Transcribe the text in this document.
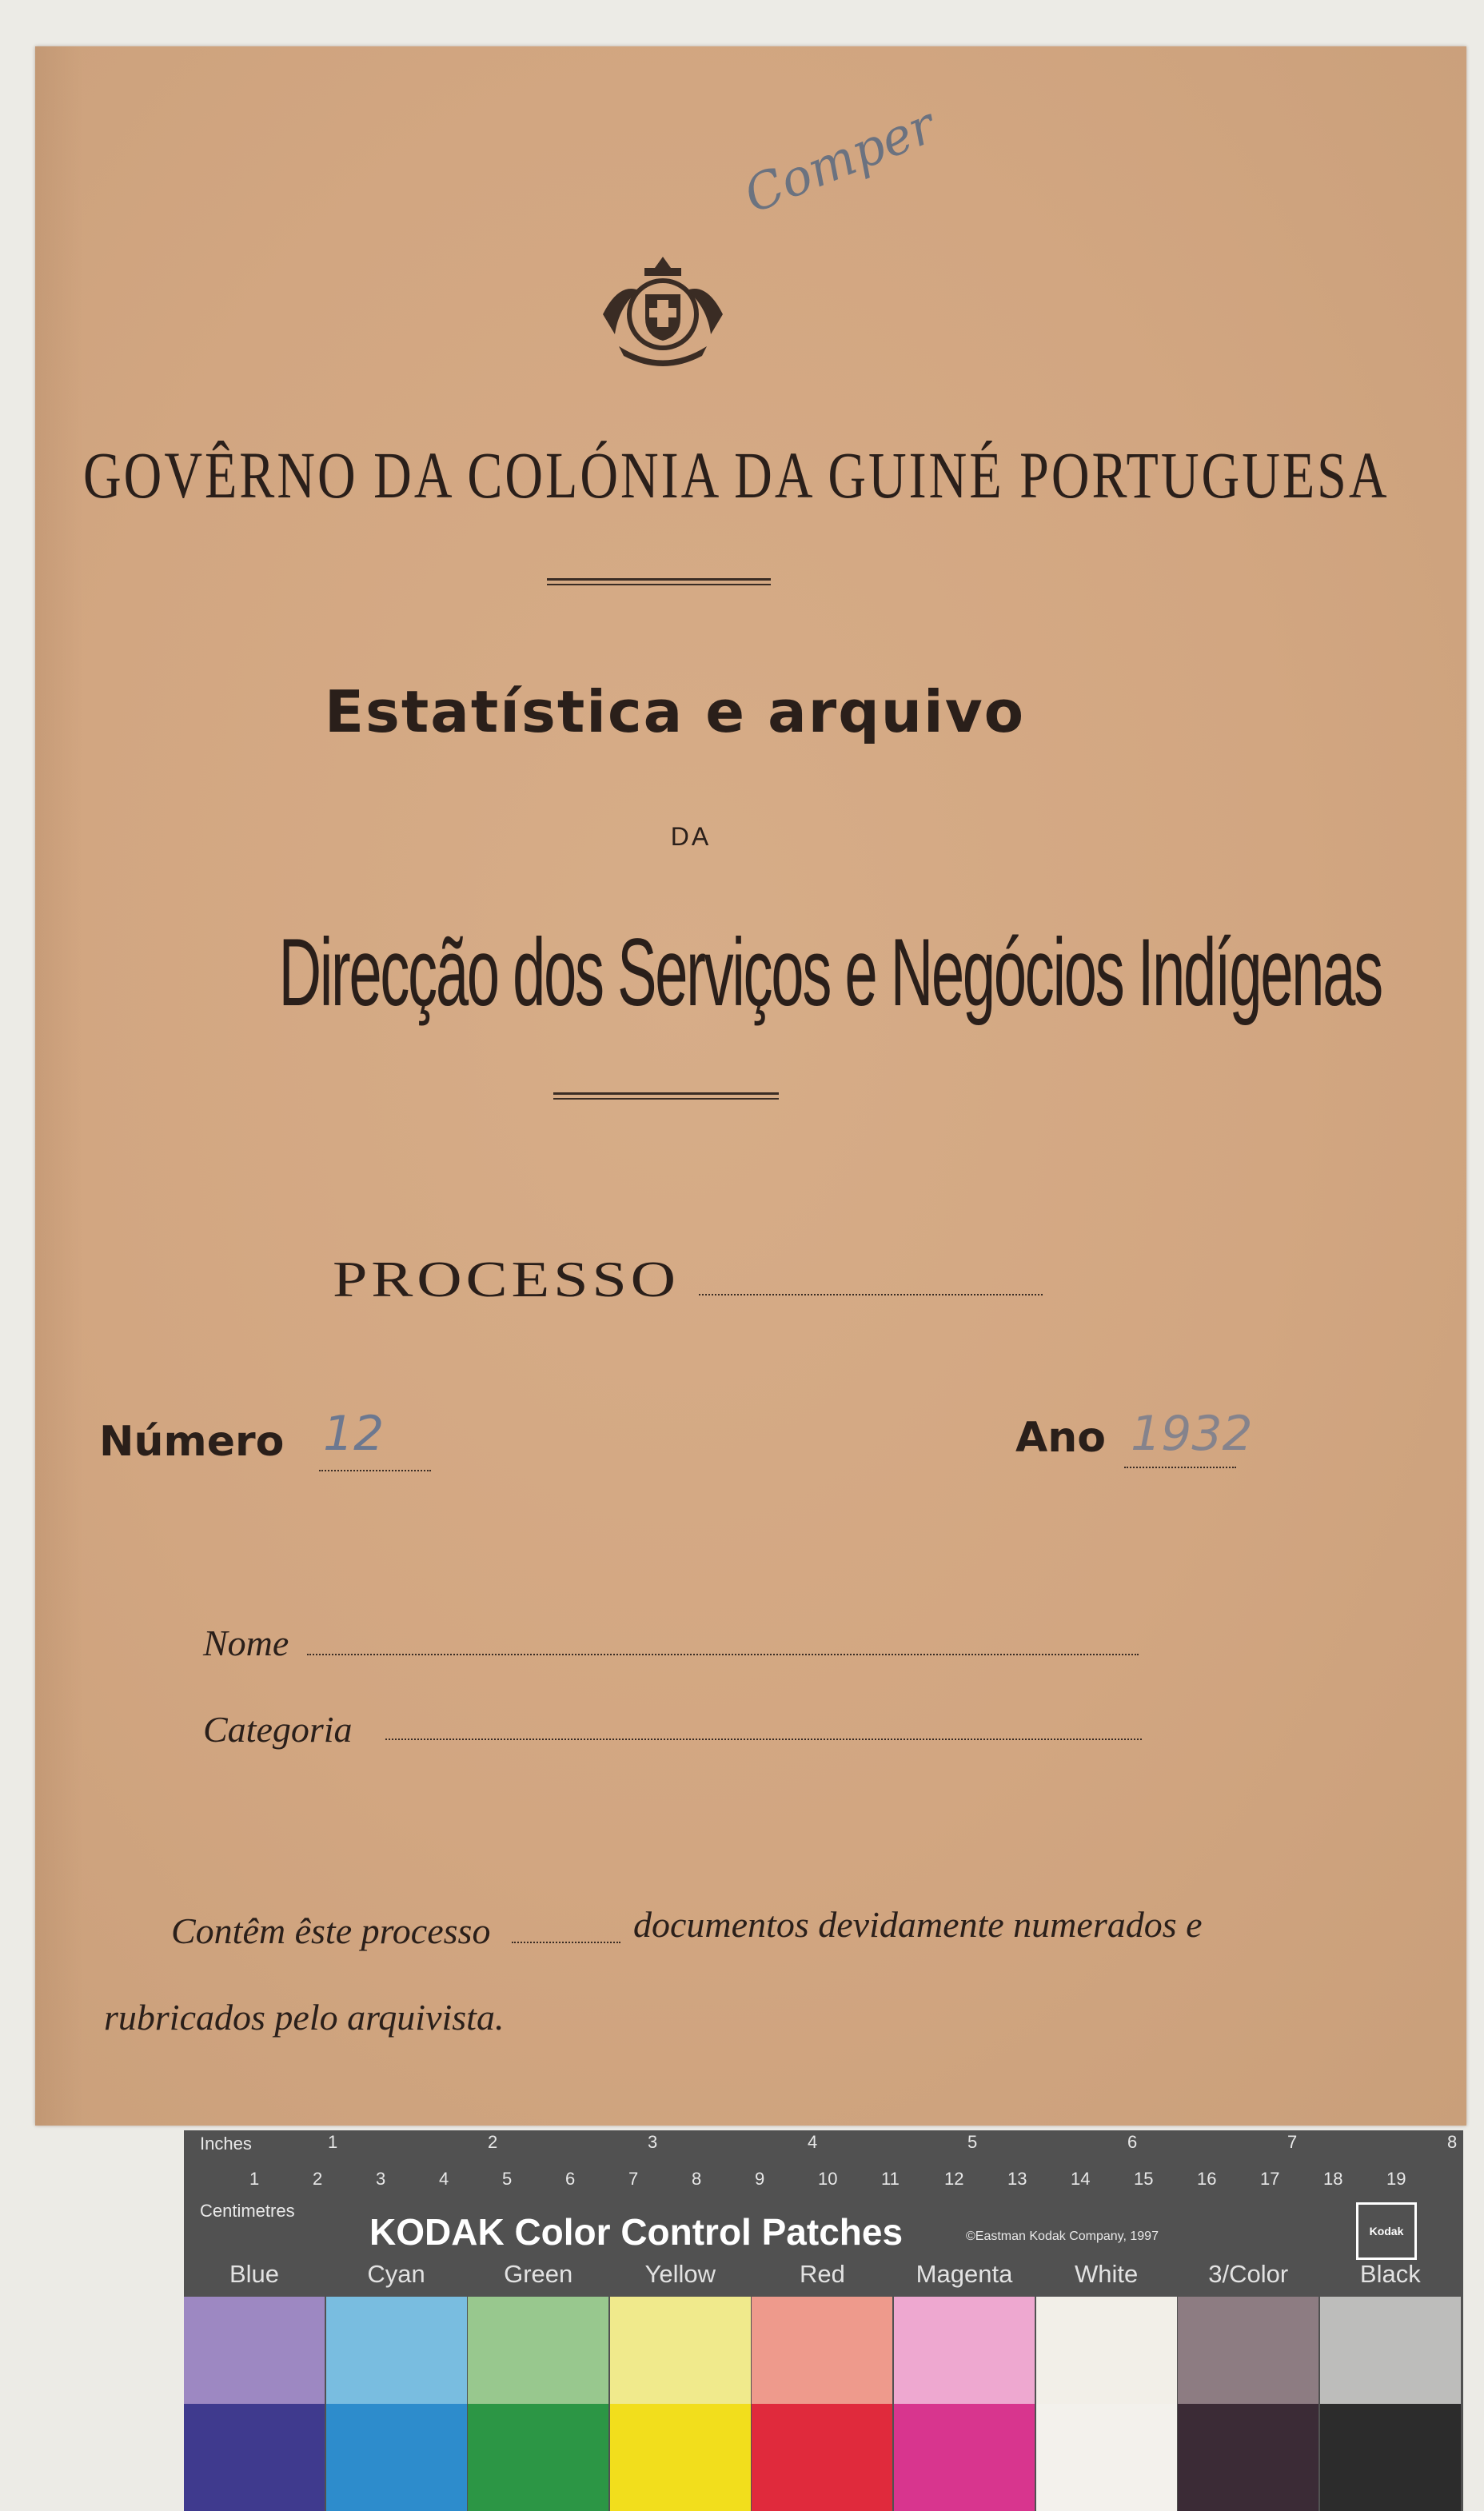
Comper
GOVÊRNO DA COLÓNIA DA GUINÉ PORTUGUESA
Estatística e arquivo
DA
Direcção dos Serviços e Negócios Indígenas
PROCESSO
Número 12	Ano 1932
Nome
Categoria
Contêm êste processo	documentos devidamente numerados e
rubricados pelo arquivista.
Inches	1	2	3	4	5	6	7	8
1	2	3	4	5	6	7	8	9	10 11	12 13 14 15 16 17 18 19
Centimetres
KODAK Color Control Patches	©Eastman Kodak Company, 1997	Kodak
Blue	Cyan	Green	Yellow	Red	Magenta	White	3/Color	Black
